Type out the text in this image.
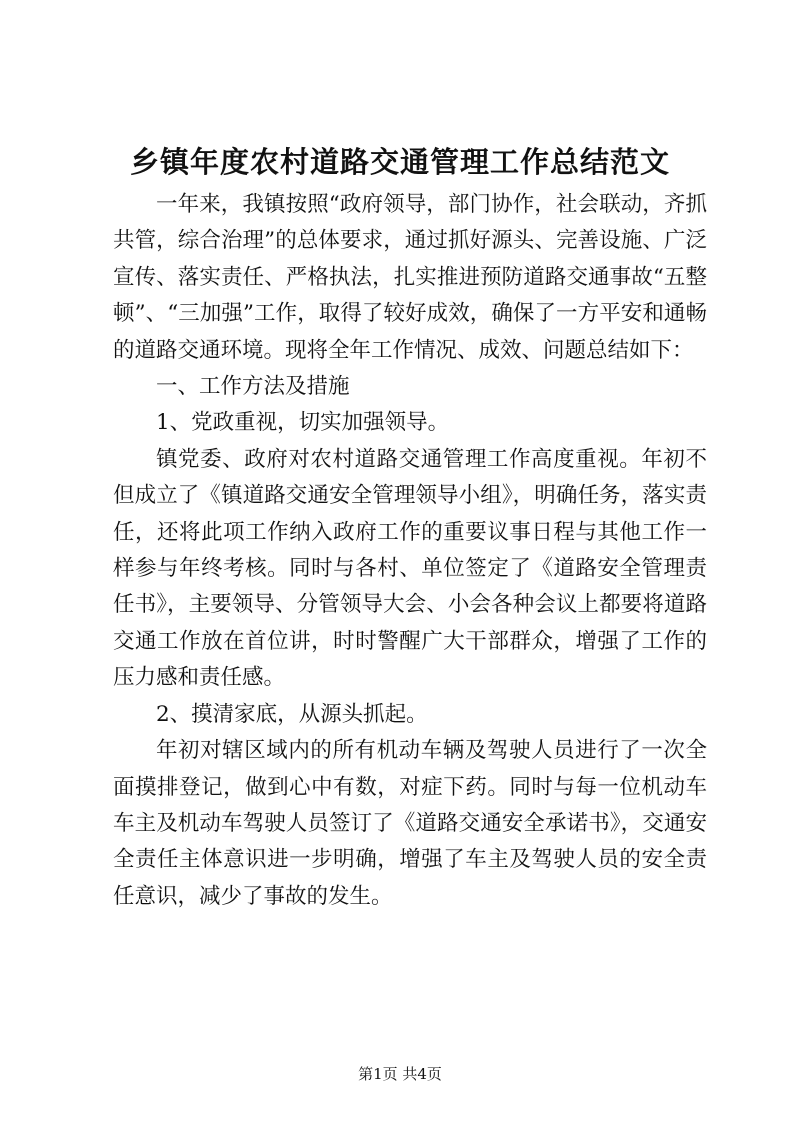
乡镇年度农村道路交通管理工作总结范文

一年来，我镇按照“政府领导，部门协作，社会联动，齐抓共管，综合治理”的总体要求，通过抓好源头、完善设施、广泛宣传、落实责任、严格执法，扎实推进预防道路交通事故“五整顿”、“三加强”工作，取得了较好成效，确保了一方平安和通畅的道路交通环境。现将全年工作情况、成效、问题总结如下：

一、工作方法及措施

1、党政重视，切实加强领导。

镇党委、政府对农村道路交通管理工作高度重视。年初不但成立了《镇道路交通安全管理领导小组》，明确任务，落实责任，还将此项工作纳入政府工作的重要议事日程与其他工作一样参与年终考核。同时与各村、单位签定了《道路安全管理责任书》，主要领导、分管领导大会、小会各种会议上都要将道路交通工作放在首位讲，时时警醒广大干部群众，增强了工作的压力感和责任感。

2、摸清家底，从源头抓起。

年初对辖区域内的所有机动车辆及驾驶人员进行了一次全面摸排登记，做到心中有数，对症下药。同时与每一位机动车车主及机动车驾驶人员签订了《道路交通安全承诺书》，交通安全责任主体意识进一步明确，增强了车主及驾驶人员的安全责任意识，减少了事故的发生。

第1页 共4页
